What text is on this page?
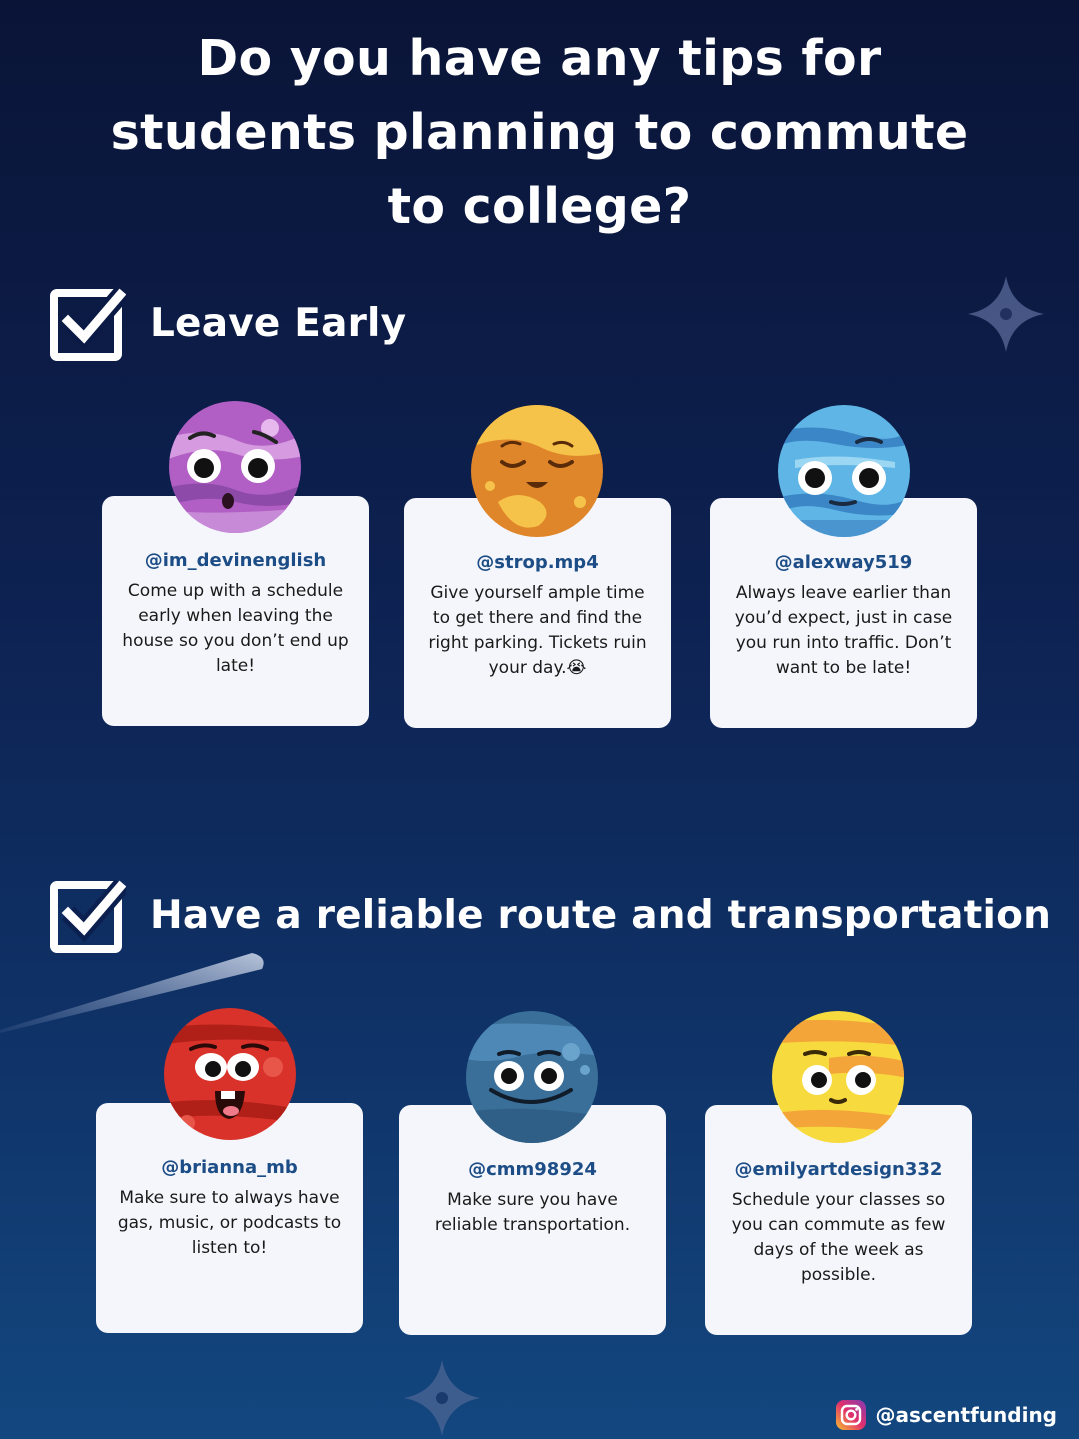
Do you have any tips for
students planning to commute
to college?
Leave Early
Have a reliable route and transportation
@im_devinenglish
Come up with a schedule early when leaving the house so you don’t end up late!
@strop.mp4
Give yourself ample time to get there and find the right parking. Tickets ruin your day.😭
@alexway519
Always leave earlier than you’d expect, just in case you run into traffic. Don’t want to be late!
@brianna_mb
Make sure to always have gas, music, or podcasts to listen to!
@cmm98924
Make sure you have reliable transportation.
@emilyartdesign332
Schedule your classes so you can commute as few days of the week as possible.
@ascentfunding
